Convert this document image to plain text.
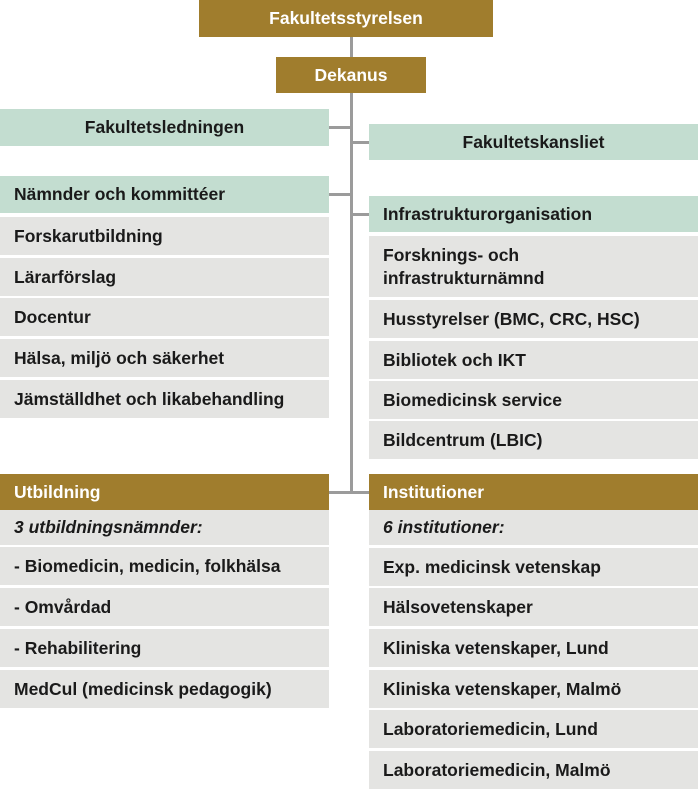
Fakultetsstyrelsen
Dekanus
Fakultetsledningen
Nämnder och kommittéer
Forskarutbildning
Lärarförslag
Docentur
Hälsa, miljö och säkerhet
Jämställdhet och likabehandling
Utbildning
3 utbildningsnämnder:
- Biomedicin, medicin, folkhälsa
- Omvårdad
- Rehabilitering
MedCul (medicinsk pedagogik)
Fakultetskansliet
Infrastrukturorganisation
Forsknings- och
infrastrukturnämnd
Husstyrelser (BMC, CRC, HSC)
Bibliotek och IKT
Biomedicinsk service
Bildcentrum (LBIC)
Institutioner
6 institutioner:
Exp. medicinsk vetenskap
Hälsovetenskaper
Kliniska vetenskaper, Lund
Kliniska vetenskaper, Malmö
Laboratoriemedicin, Lund
Laboratoriemedicin, Malmö
